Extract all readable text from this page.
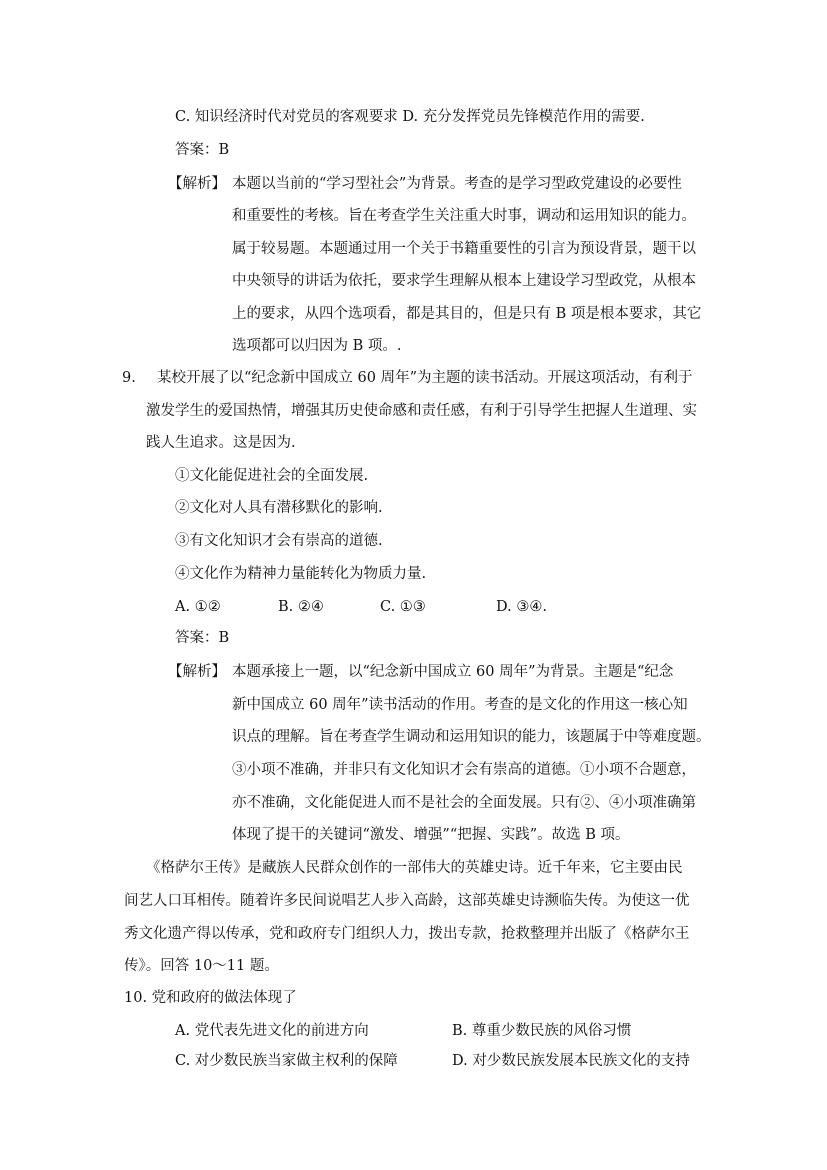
C. 知识经济时代对党员的客观要求 D. 充分发挥党员先锋模范作用的需要.
答案：B
【解析】 本题以当前的“学习型社会”为背景。考查的是学习型政党建设的必要性
和重要性的考核。旨在考查学生关注重大时事，调动和运用知识的能力。
属于较易题。本题通过用一个关于书籍重要性的引言为预设背景，题干以
中央领导的讲话为依托，要求学生理解从根本上建设学习型政党，从根本
上的要求，从四个选项看，都是其目的，但是只有 B 项是根本要求，其它
选项都可以归因为 B 项。.
9. 某校开展了以“纪念新中国成立 60 周年”为主题的读书活动。开展这项活动，有利于
激发学生的爱国热情，增强其历史使命感和责任感，有利于引导学生把握人生道理、实
践人生追求。这是因为.
①文化能促进社会的全面发展.
②文化对人具有潜移默化的影响.
③有文化知识才会有崇高的道德.
④文化作为精神力量能转化为物质力量.
A. ①②	B. ②④	C. ①③	D. ③④.
答案：B
【解析】 本题承接上一题，以“纪念新中国成立 60 周年”为背景。主题是“纪念
新中国成立 60 周年”读书活动的作用。考查的是文化的作用这一核心知
识点的理解。旨在考查学生调动和运用知识的能力，该题属于中等难度题。
③小项不准确，并非只有文化知识才会有崇高的道德。①小项不合题意，
亦不准确，文化能促进人而不是社会的全面发展。只有②、④小项准确第
体现了提干的关键词“激发、增强”“把握、实践”。故选 B 项。
《格萨尔王传》是藏族人民群众创作的一部伟大的英雄史诗。近千年来，它主要由民
间艺人口耳相传。随着许多民间说唱艺人步入高龄，这部英雄史诗濒临失传。为使这一优
秀文化遗产得以传承，党和政府专门组织人力，拨出专款，抢救整理并出版了《格萨尔王
传》。回答 10～11 题。
10. 党和政府的做法体现了
A. 党代表先进文化的前进方向	B. 尊重少数民族的风俗习惯
C. 对少数民族当家做主权利的保障	D. 对少数民族发展本民族文化的支持
